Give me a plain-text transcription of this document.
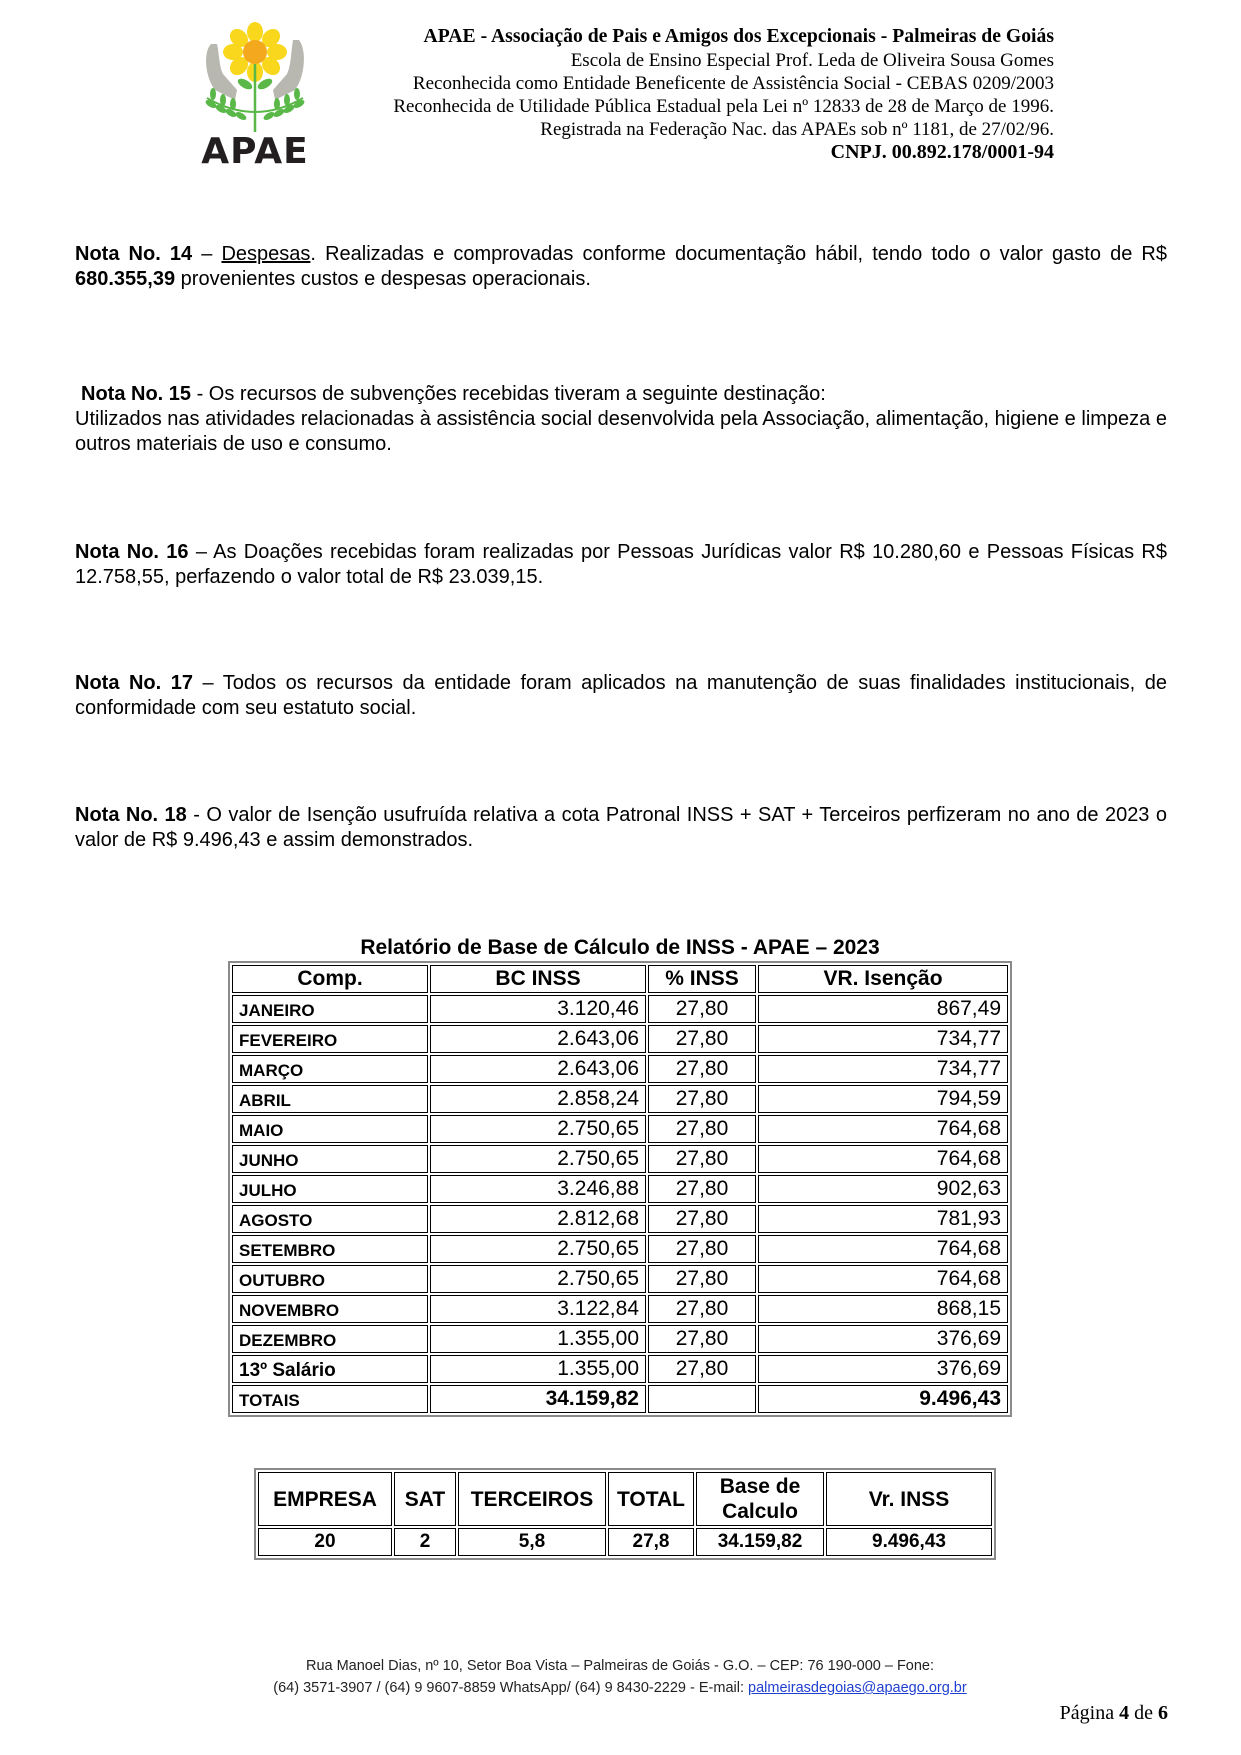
APAE
APAE - Associação de Pais e Amigos dos Excepcionais - Palmeiras de Goiás
Escola de Ensino Especial Prof. Leda de Oliveira Sousa Gomes
Reconhecida como Entidade Beneficente de Assistência Social - CEBAS 0209/2003
Reconhecida de Utilidade Pública Estadual pela Lei nº 12833 de 28 de Março de 1996.
Registrada na Federação Nac. das APAEs sob nº 1181, de 27/02/96.
CNPJ. 00.892.178/0001-94
Nota No. 14 – Despesas. Realizadas e comprovadas conforme documentação hábil, tendo todo o valor gasto de R$ 680.355,39 provenientes custos e despesas operacionais.
Nota No. 15 - Os recursos de subvenções recebidas tiveram a seguinte destinação:
Utilizados nas atividades relacionadas à assistência social desenvolvida pela Associação, alimentação, higiene e limpeza e outros materiais de uso e consumo.
Nota No. 16 – As Doações recebidas foram realizadas por Pessoas Jurídicas valor R$ 10.280,60 e Pessoas Físicas R$ 12.758,55, perfazendo o valor total de R$ 23.039,15.
Nota No. 17 – Todos os recursos da entidade foram aplicados na manutenção de suas finalidades institucionais, de conformidade com seu estatuto social.
Nota No. 18 - O valor de Isenção usufruída relativa a cota Patronal INSS + SAT + Terceiros perfizeram no ano de 2023 o valor de R$ 9.496,43 e assim demonstrados.
Relatório de Base de Cálculo de INSS - APAE – 2023
Comp.	BC INSS	% INSS	VR. Isenção
JANEIRO	3.120,46	27,80	867,49
FEVEREIRO	2.643,06	27,80	734,77
MARÇO	2.643,06	27,80	734,77
ABRIL	2.858,24	27,80	794,59
MAIO	2.750,65	27,80	764,68
JUNHO	2.750,65	27,80	764,68
JULHO	3.246,88	27,80	902,63
AGOSTO	2.812,68	27,80	781,93
SETEMBRO	2.750,65	27,80	764,68
OUTUBRO	2.750,65	27,80	764,68
NOVEMBRO	3.122,84	27,80	868,15
DEZEMBRO	1.355,00	27,80	376,69
13º Salário	1.355,00	27,80	376,69
TOTAIS	34.159,82		9.496,43
EMPRESA	SAT	TERCEIROS	TOTAL	Base de Calculo	Vr. INSS
20	2	5,8	27,8	34.159,82	9.496,43
Rua Manoel Dias, nº 10, Setor Boa Vista – Palmeiras de Goiás - G.O. – CEP: 76 190-000 – Fone:
(64) 3571-3907 / (64) 9 9607-8859 WhatsApp/ (64) 9 8430-2229 - E-mail: palmeirasdegoias@apaego.org.br
Página 4 de 6
